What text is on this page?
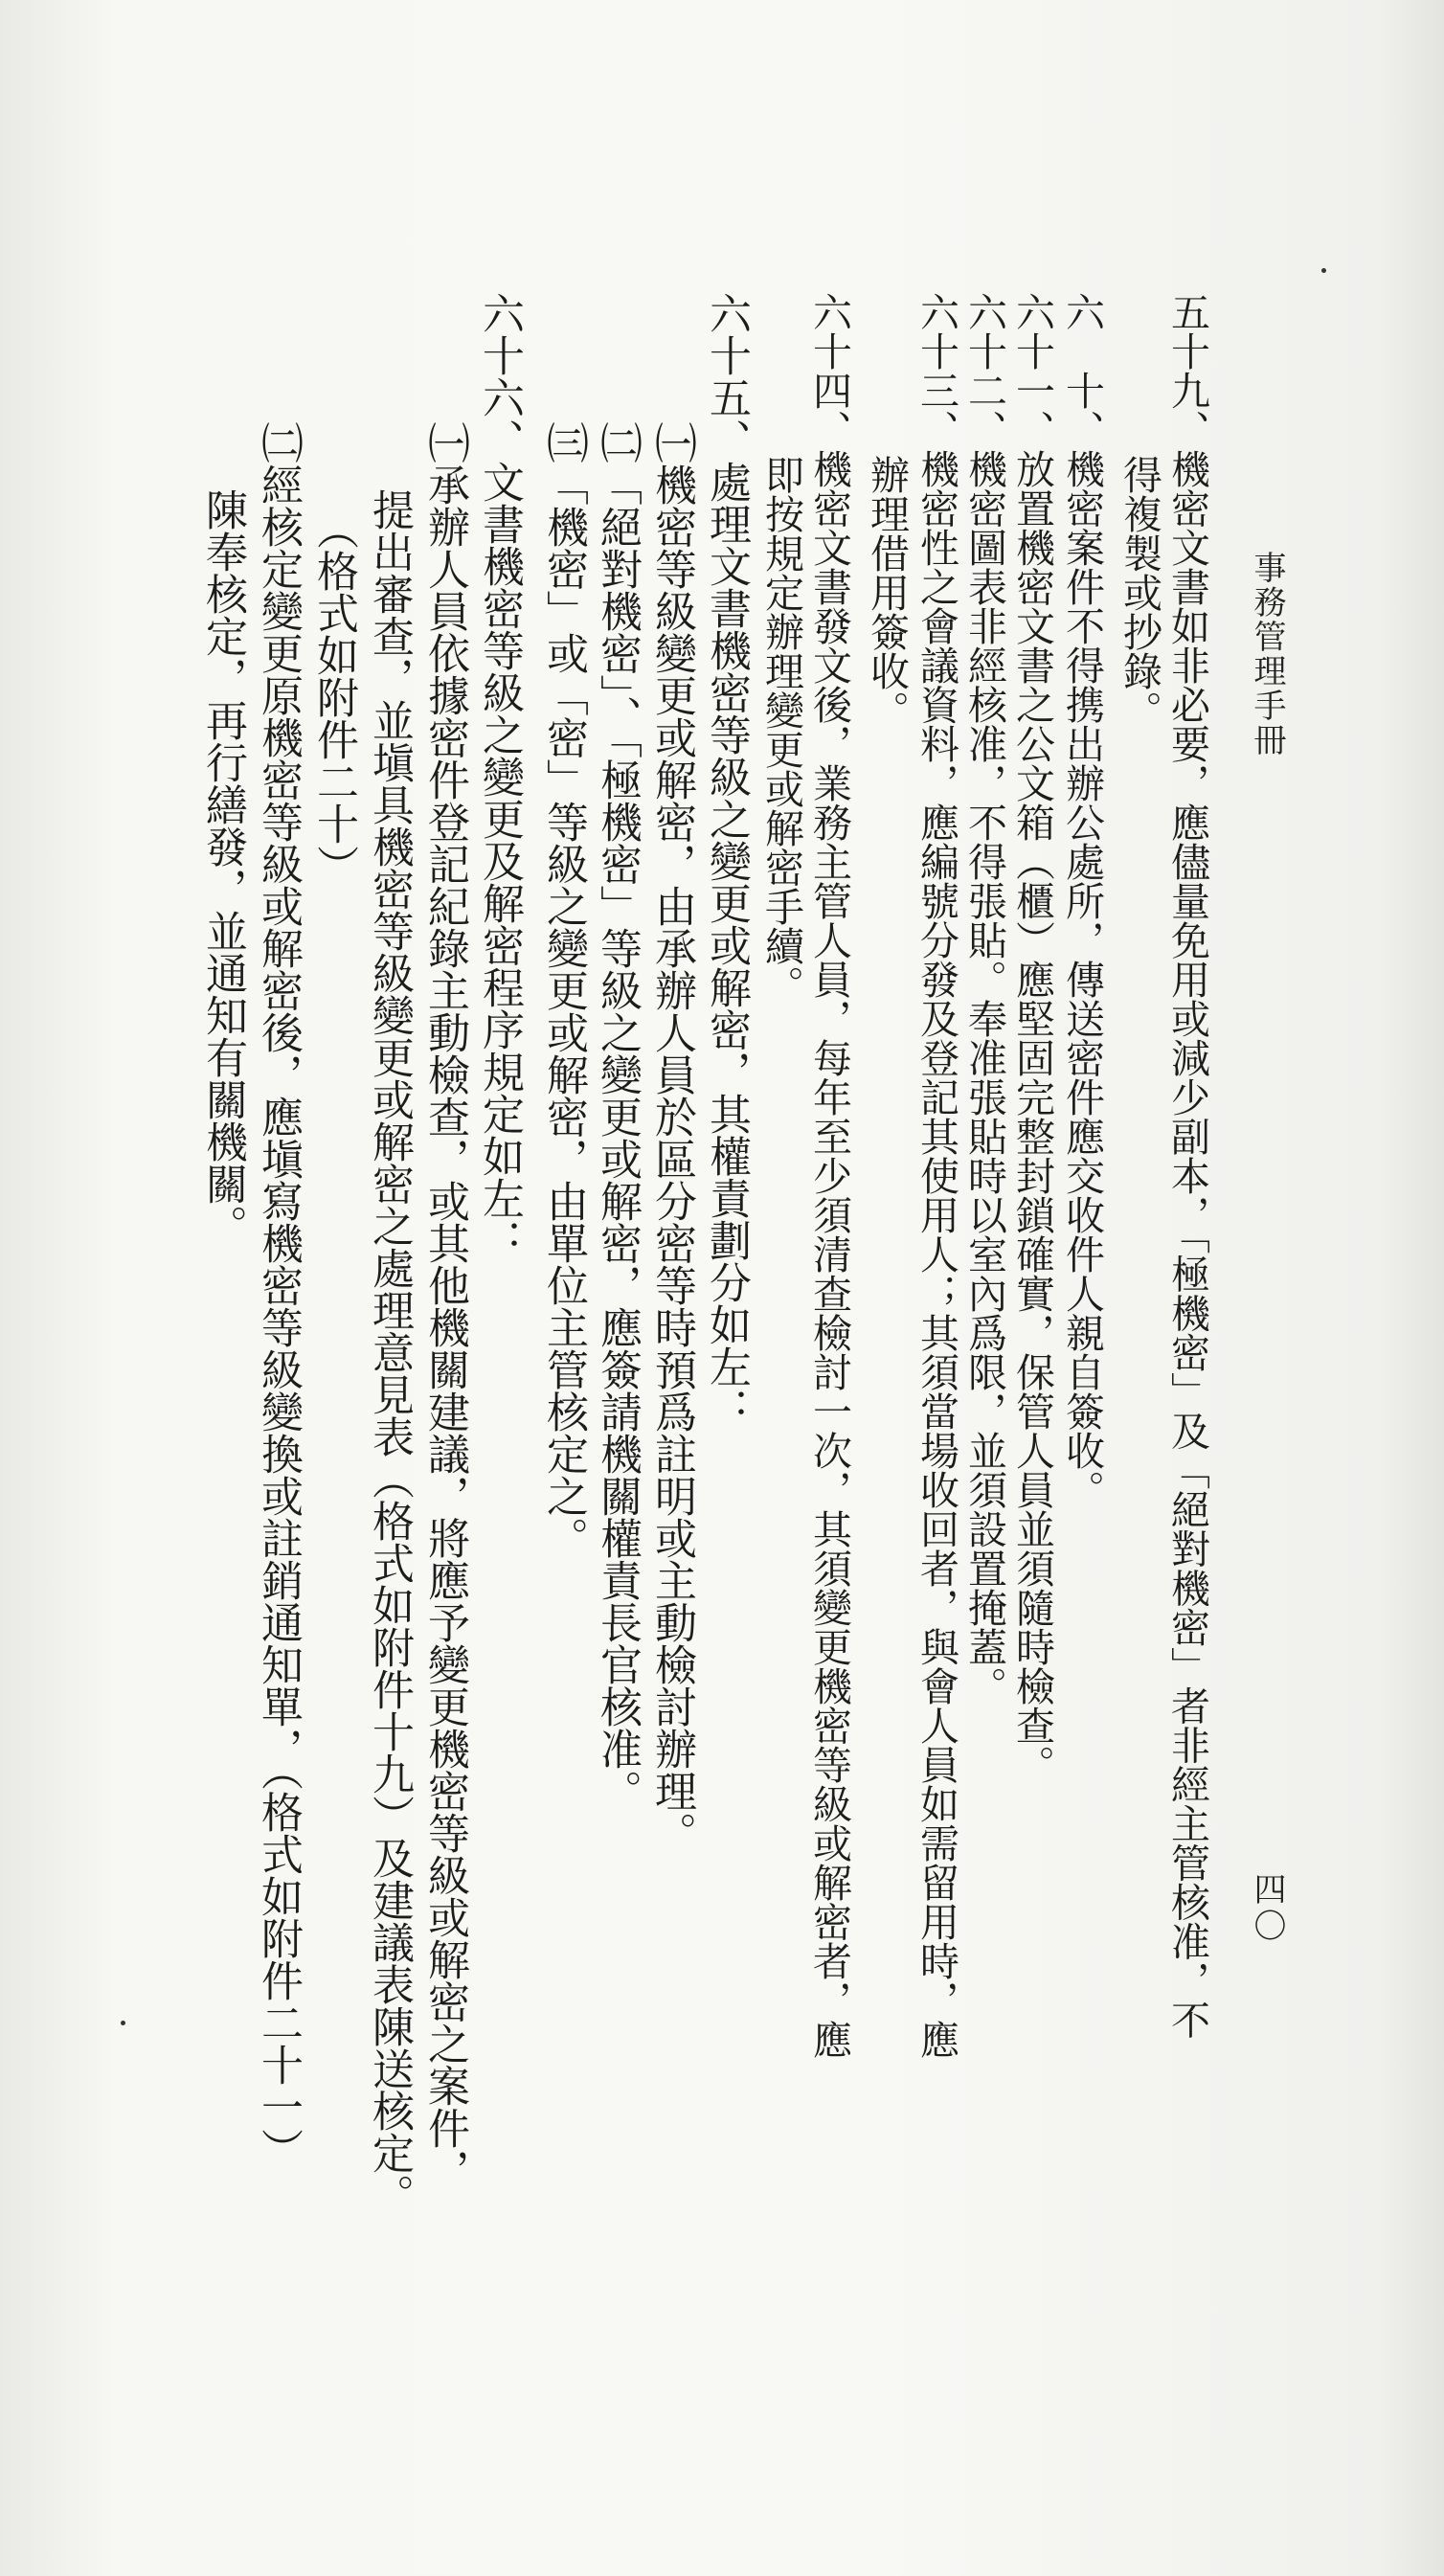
事務管理手冊
四〇
五十九、機密文書如非必要，應儘量免用或減少副本，「極機密」及「絕對機密」者非經主管核准，不
得複製或抄錄。
六　十、機密案件不得携出辦公處所，傳送密件應交收件人親自簽收。
六十一、放置機密文書之公文箱（櫃）應堅固完整封鎖確實，保管人員並須隨時檢查。
六十二、機密圖表非經核准，不得張貼。奉准張貼時以室內爲限，並須設置掩蓋。
六十三、機密性之會議資料，應編號分發及登記其使用人；其須當場收回者，與會人員如需留用時，應
辦理借用簽收。
六十四、機密文書發文後，業務主管人員，每年至少須清查檢討一次，其須變更機密等級或解密者，應
即按規定辦理變更或解密手續。
六十五、處理文書機密等級之變更或解密，其權責劃分如左：
㈠機密等級變更或解密，由承辦人員於區分密等時預爲註明或主動檢討辦理。
㈡「絕對機密」、「極機密」等級之變更或解密，應簽請機關權責長官核准。
㈢「機密」或「密」等級之變更或解密，由單位主管核定之。
六十六、文書機密等級之變更及解密程序規定如左：
㈠承辦人員依據密件登記紀錄主動檢查，或其他機關建議，將應予變更機密等級或解密之案件，
提出審查，並塡具機密等級變更或解密之處理意見表（格式如附件十九）及建議表陳送核定。
（格式如附件二十）
㈡經核定變更原機密等級或解密後，應塡寫機密等級變換或註銷通知單，（格式如附件二十一）
陳奉核定，再行繕發，並通知有關機關。
